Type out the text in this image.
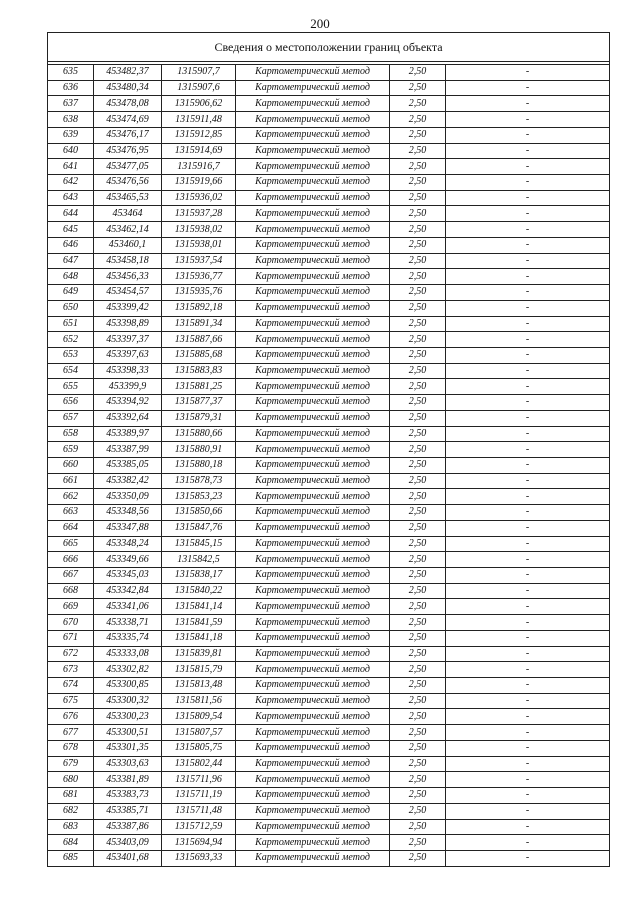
200
Сведения о местоположении границ объекта					

635	453482,37	1315907,7	Картометрический метод	2,50	-
636	453480,34	1315907,6	Картометрический метод	2,50	-
637	453478,08	1315906,62	Картометрический метод	2,50	-
638	453474,69	1315911,48	Картометрический метод	2,50	-
639	453476,17	1315912,85	Картометрический метод	2,50	-
640	453476,95	1315914,69	Картометрический метод	2,50	-
641	453477,05	1315916,7	Картометрический метод	2,50	-
642	453476,56	1315919,66	Картометрический метод	2,50	-
643	453465,53	1315936,02	Картометрический метод	2,50	-
644	453464	1315937,28	Картометрический метод	2,50	-
645	453462,14	1315938,02	Картометрический метод	2,50	-
646	453460,1	1315938,01	Картометрический метод	2,50	-
647	453458,18	1315937,54	Картометрический метод	2,50	-
648	453456,33	1315936,77	Картометрический метод	2,50	-
649	453454,57	1315935,76	Картометрический метод	2,50	-
650	453399,42	1315892,18	Картометрический метод	2,50	-
651	453398,89	1315891,34	Картометрический метод	2,50	-
652	453397,37	1315887,66	Картометрический метод	2,50	-
653	453397,63	1315885,68	Картометрический метод	2,50	-
654	453398,33	1315883,83	Картометрический метод	2,50	-
655	453399,9	1315881,25	Картометрический метод	2,50	-
656	453394,92	1315877,37	Картометрический метод	2,50	-
657	453392,64	1315879,31	Картометрический метод	2,50	-
658	453389,97	1315880,66	Картометрический метод	2,50	-
659	453387,99	1315880,91	Картометрический метод	2,50	-
660	453385,05	1315880,18	Картометрический метод	2,50	-
661	453382,42	1315878,73	Картометрический метод	2,50	-
662	453350,09	1315853,23	Картометрический метод	2,50	-
663	453348,56	1315850,66	Картометрический метод	2,50	-
664	453347,88	1315847,76	Картометрический метод	2,50	-
665	453348,24	1315845,15	Картометрический метод	2,50	-
666	453349,66	1315842,5	Картометрический метод	2,50	-
667	453345,03	1315838,17	Картометрический метод	2,50	-
668	453342,84	1315840,22	Картометрический метод	2,50	-
669	453341,06	1315841,14	Картометрический метод	2,50	-
670	453338,71	1315841,59	Картометрический метод	2,50	-
671	453335,74	1315841,18	Картометрический метод	2,50	-
672	453333,08	1315839,81	Картометрический метод	2,50	-
673	453302,82	1315815,79	Картометрический метод	2,50	-
674	453300,85	1315813,48	Картометрический метод	2,50	-
675	453300,32	1315811,56	Картометрический метод	2,50	-
676	453300,23	1315809,54	Картометрический метод	2,50	-
677	453300,51	1315807,57	Картометрический метод	2,50	-
678	453301,35	1315805,75	Картометрический метод	2,50	-
679	453303,63	1315802,44	Картометрический метод	2,50	-
680	453381,89	1315711,96	Картометрический метод	2,50	-
681	453383,73	1315711,19	Картометрический метод	2,50	-
682	453385,71	1315711,48	Картометрический метод	2,50	-
683	453387,86	1315712,59	Картометрический метод	2,50	-
684	453403,09	1315694,94	Картометрический метод	2,50	-
685	453401,68	1315693,33	Картометрический метод	2,50	-
